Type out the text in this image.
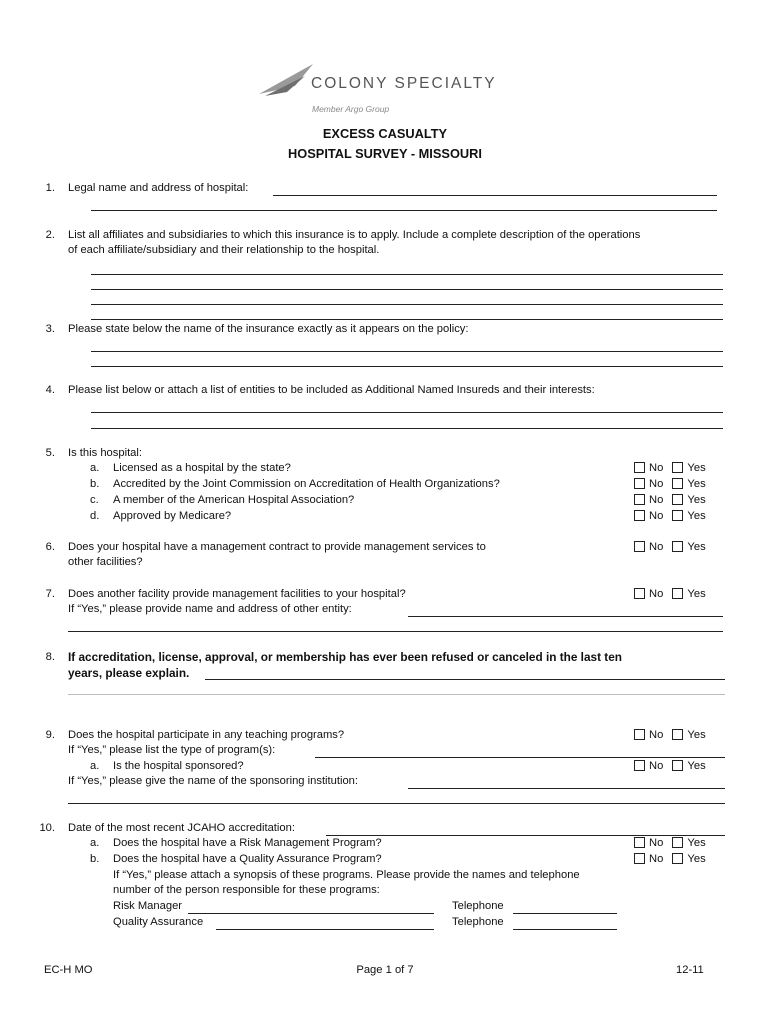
COLONY SPECIALTY
Member Argo Group
EXCESS CASUALTY
HOSPITAL SURVEY - MISSOURI
1. Legal name and address of hospital:
2. List all affiliates and subsidiaries to which this insurance is to apply. Include a complete description of the operations
of each affiliate/subsidiary and their relationship to the hospital.
3. Please state below the name of the insurance exactly as it appears on the policy:
4. Please list below or attach a list of entities to be included as Additional Named Insureds and their interests:
5. Is this hospital:
a. Licensed as a hospital by the state?	No Yes
b. Accredited by the Joint Commission on Accreditation of Health Organizations?	No Yes
c. A member of the American Hospital Association?	No Yes
d. Approved by Medicare?	No Yes
6. Does your hospital have a management contract to provide management services to
other facilities?
No Yes
7. Does another facility provide management facilities to your hospital?
If “Yes,” please provide name and address of other entity:
No Yes
8. If accreditation, license, approval, or membership has ever been refused or canceled in the last ten
years, please explain.
9. Does the hospital participate in any teaching programs?	No Yes
If “Yes,” please list the type of program(s):
a. Is the hospital sponsored?	No Yes
If “Yes,” please give the name of the sponsoring institution:
10. Date of the most recent JCAHO accreditation:
a. Does the hospital have a Risk Management Program?	No Yes
b. Does the hospital have a Quality Assurance Program?	No Yes
If “Yes,” please attach a synopsis of these programs. Please provide the names and telephone
number of the person responsible for these programs:
Risk Manager	Telephone
Quality Assurance	Telephone
EC-H MO	Page 1 of 7	12-11
